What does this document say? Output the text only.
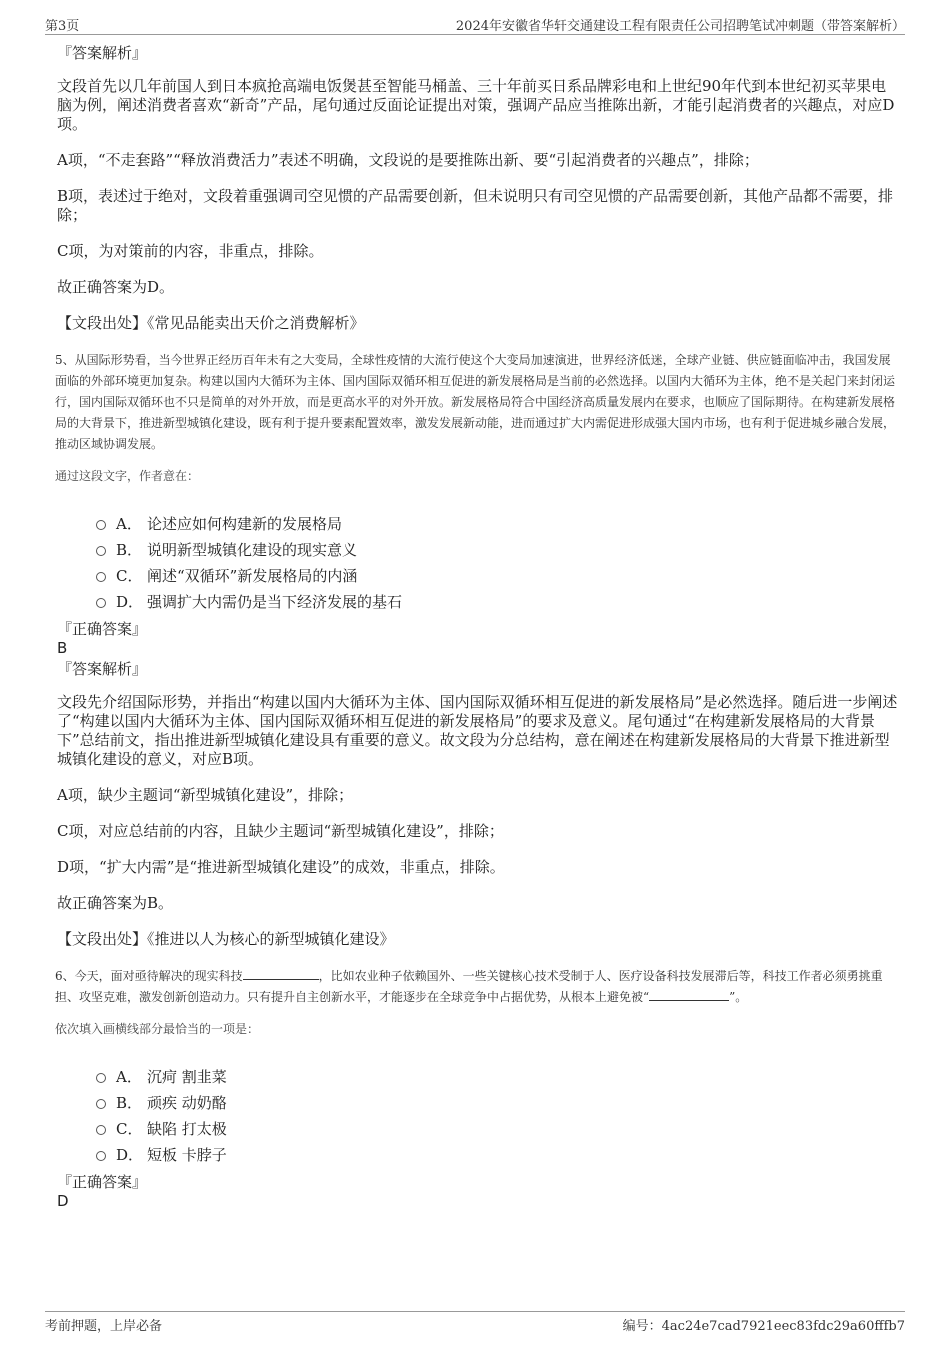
第3页	2024年安徽省华轩交通建设工程有限责任公司招聘笔试冲刺题（带答案解析）

『答案解析』

文段首先以几年前国人到日本疯抢高端电饭煲甚至智能马桶盖、三十年前买日系品牌彩电和上世纪90年代到本世纪初买苹果电脑为例，阐述消费者喜欢“新奇”产品，尾句通过反面论证提出对策，强调产品应当推陈出新，才能引起消费者的兴趣点，对应D项。

A项，“不走套路”“释放消费活力”表述不明确，文段说的是要推陈出新、要“引起消费者的兴趣点”，排除；

B项，表述过于绝对，文段着重强调司空见惯的产品需要创新，但未说明只有司空见惯的产品需要创新，其他产品都不需要，排除；

C项，为对策前的内容，非重点，排除。

故正确答案为D。

【文段出处】《常见品能卖出天价之消费解析》

5、从国际形势看，当今世界正经历百年未有之大变局，全球性疫情的大流行使这个大变局加速演进，世界经济低迷，全球产业链、供应链面临冲击，我国发展面临的外部环境更加复杂。构建以国内大循环为主体、国内国际双循环相互促进的新发展格局是当前的必然选择。以国内大循环为主体，绝不是关起门来封闭运行，国内国际双循环也不只是简单的对外开放，而是更高水平的对外开放。新发展格局符合中国经济高质量发展内在要求，也顺应了国际期待。在构建新发展格局的大背景下，推进新型城镇化建设，既有利于提升要素配置效率，激发发展新动能，进而通过扩大内需促进形成强大国内市场，也有利于促进城乡融合发展，推动区域协调发展。

通过这段文字，作者意在：

A． 论述应如何构建新的发展格局
B． 说明新型城镇化建设的现实意义
C． 阐述“双循环”新发展格局的内涵
D． 强调扩大内需仍是当下经济发展的基石

『正确答案』

B

『答案解析』

文段先介绍国际形势，并指出“构建以国内大循环为主体、国内国际双循环相互促进的新发展格局”是必然选择。随后进一步阐述了“构建以国内大循环为主体、国内国际双循环相互促进的新发展格局”的要求及意义。尾句通过“在构建新发展格局的大背景下”总结前文，指出推进新型城镇化建设具有重要的意义。故文段为分总结构，意在阐述在构建新发展格局的大背景下推进新型城镇化建设的意义，对应B项。

A项，缺少主题词“新型城镇化建设”，排除；

C项，对应总结前的内容，且缺少主题词“新型城镇化建设”，排除；

D项，“扩大内需”是“推进新型城镇化建设”的成效，非重点，排除。

故正确答案为B。

【文段出处】《推进以人为核心的新型城镇化建设》

6、今天，面对亟待解决的现实科技	，比如农业种子依赖国外、一些关键核心技术受制于人、医疗设备科技发展滞后等，科技工作者必须勇挑重担、攻坚克难，激发创新创造动力。只有提升自主创新水平，才能逐步在全球竞争中占据优势，从根本上避免被“	”。

依次填入画横线部分最恰当的一项是：

A． 沉疴 割韭菜
B． 顽疾 动奶酪
C． 缺陷 打太极
D． 短板 卡脖子

『正确答案』

D

考前押题，上岸必备	编号：4ac24e7cad7921eec83fdc29a60fffb7
